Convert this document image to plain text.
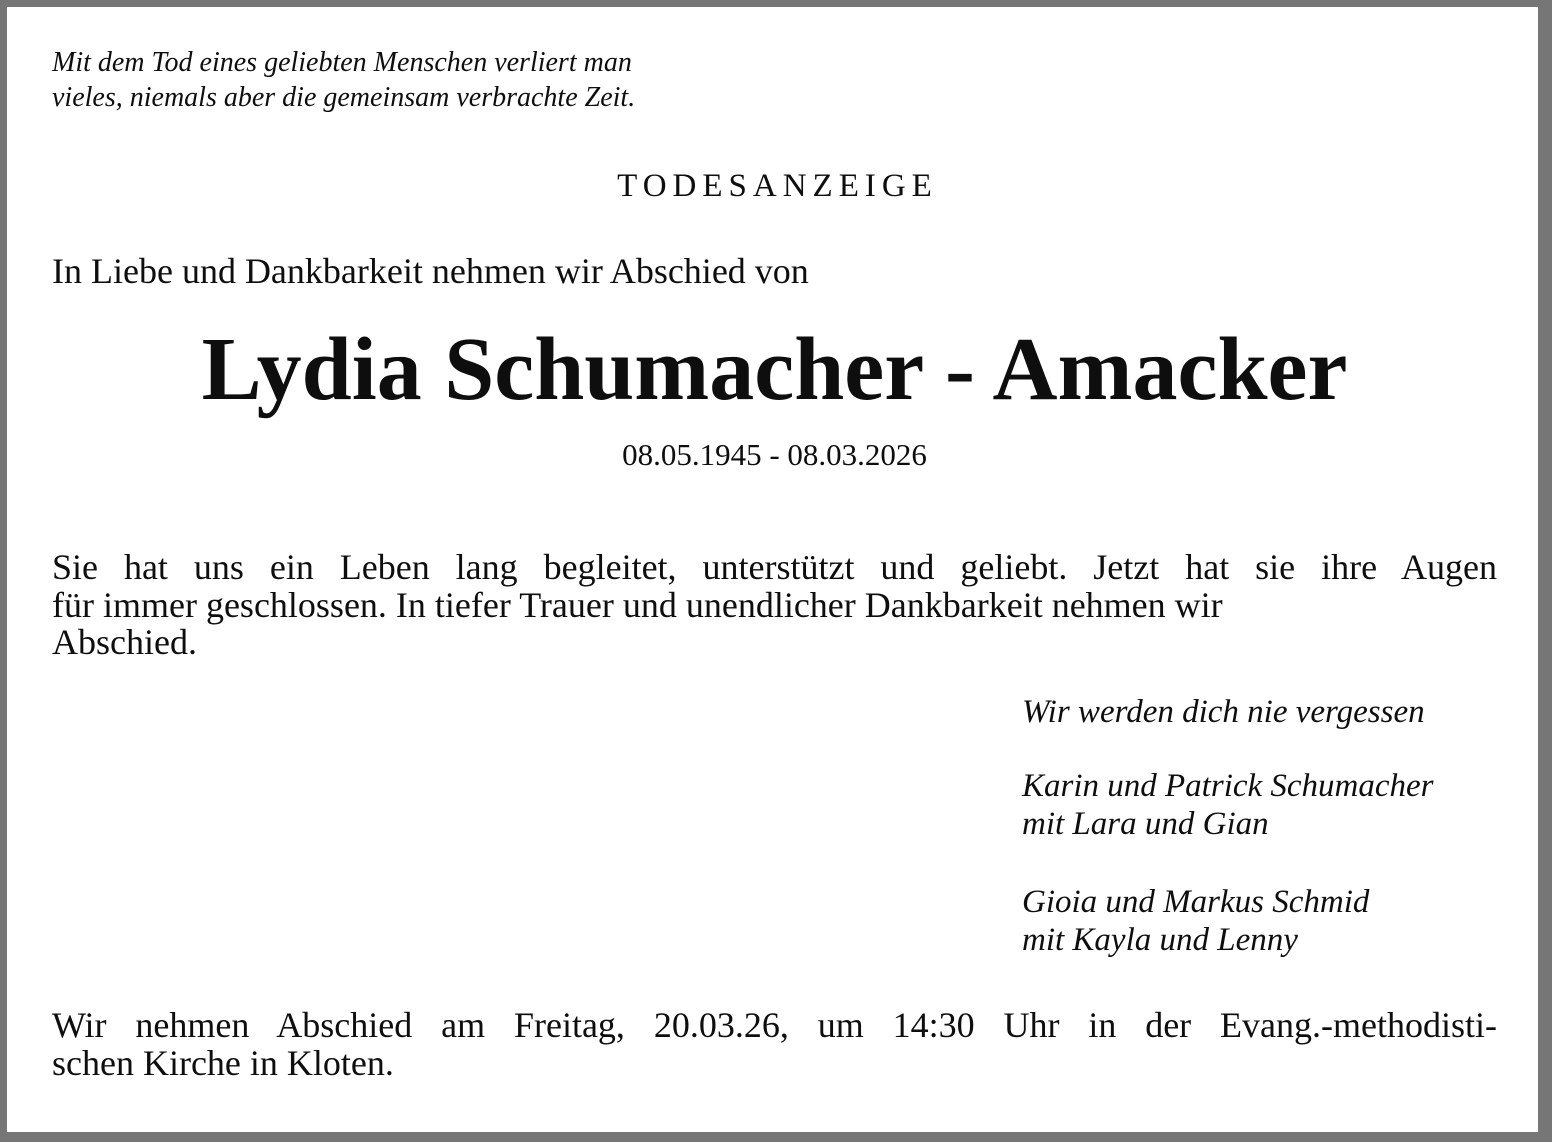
Mit dem Tod eines geliebten Menschen verliert man
vieles, niemals aber die gemeinsam verbrachte Zeit.
TODESANZEIGE
In Liebe und Dankbarkeit nehmen wir Abschied von
Lydia Schumacher - Amacker
08.05.1945 - 08.03.2026
Sie hat uns ein Leben lang begleitet, unterstützt und geliebt. Jetzt hat sie ihre Augen
für immer geschlossen. In tiefer Trauer und unendlicher Dankbarkeit nehmen wir
Abschied.

Wir werden dich nie vergessen

Karin und Patrick Schumacher
mit Lara und Gian

Gioia und Markus Schmid
mit Kayla und Lenny

Wir nehmen Abschied am Freitag, 20.03.26, um 14:30 Uhr in der Evang.-methodisti-
schen Kirche in Kloten.
